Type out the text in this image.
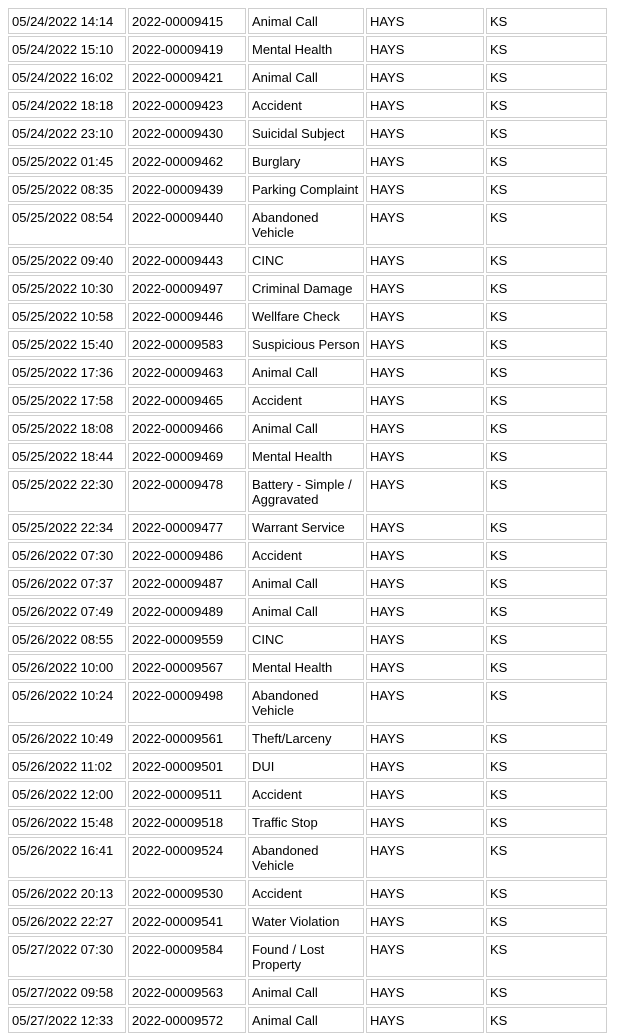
05/24/2022 14:14	2022-00009415	Animal Call	HAYS	KS
05/24/2022 15:10	2022-00009419	Mental Health	HAYS	KS
05/24/2022 16:02	2022-00009421	Animal Call	HAYS	KS
05/24/2022 18:18	2022-00009423	Accident	HAYS	KS
05/24/2022 23:10	2022-00009430	Suicidal Subject	HAYS	KS
05/25/2022 01:45	2022-00009462	Burglary	HAYS	KS
05/25/2022 08:35	2022-00009439	Parking Complaint	HAYS	KS
05/25/2022 08:54	2022-00009440	Abandoned Vehicle	HAYS	KS
05/25/2022 09:40	2022-00009443	CINC	HAYS	KS
05/25/2022 10:30	2022-00009497	Criminal Damage	HAYS	KS
05/25/2022 10:58	2022-00009446	Wellfare Check	HAYS	KS
05/25/2022 15:40	2022-00009583	Suspicious Person	HAYS	KS
05/25/2022 17:36	2022-00009463	Animal Call	HAYS	KS
05/25/2022 17:58	2022-00009465	Accident	HAYS	KS
05/25/2022 18:08	2022-00009466	Animal Call	HAYS	KS
05/25/2022 18:44	2022-00009469	Mental Health	HAYS	KS
05/25/2022 22:30	2022-00009478	Battery - Simple / Aggravated	HAYS	KS
05/25/2022 22:34	2022-00009477	Warrant Service	HAYS	KS
05/26/2022 07:30	2022-00009486	Accident	HAYS	KS
05/26/2022 07:37	2022-00009487	Animal Call	HAYS	KS
05/26/2022 07:49	2022-00009489	Animal Call	HAYS	KS
05/26/2022 08:55	2022-00009559	CINC	HAYS	KS
05/26/2022 10:00	2022-00009567	Mental Health	HAYS	KS
05/26/2022 10:24	2022-00009498	Abandoned Vehicle	HAYS	KS
05/26/2022 10:49	2022-00009561	Theft/Larceny	HAYS	KS
05/26/2022 11:02	2022-00009501	DUI	HAYS	KS
05/26/2022 12:00	2022-00009511	Accident	HAYS	KS
05/26/2022 15:48	2022-00009518	Traffic Stop	HAYS	KS
05/26/2022 16:41	2022-00009524	Abandoned Vehicle	HAYS	KS
05/26/2022 20:13	2022-00009530	Accident	HAYS	KS
05/26/2022 22:27	2022-00009541	Water Violation	HAYS	KS
05/27/2022 07:30	2022-00009584	Found / Lost Property	HAYS	KS
05/27/2022 09:58	2022-00009563	Animal Call	HAYS	KS
05/27/2022 12:33	2022-00009572	Animal Call	HAYS	KS
